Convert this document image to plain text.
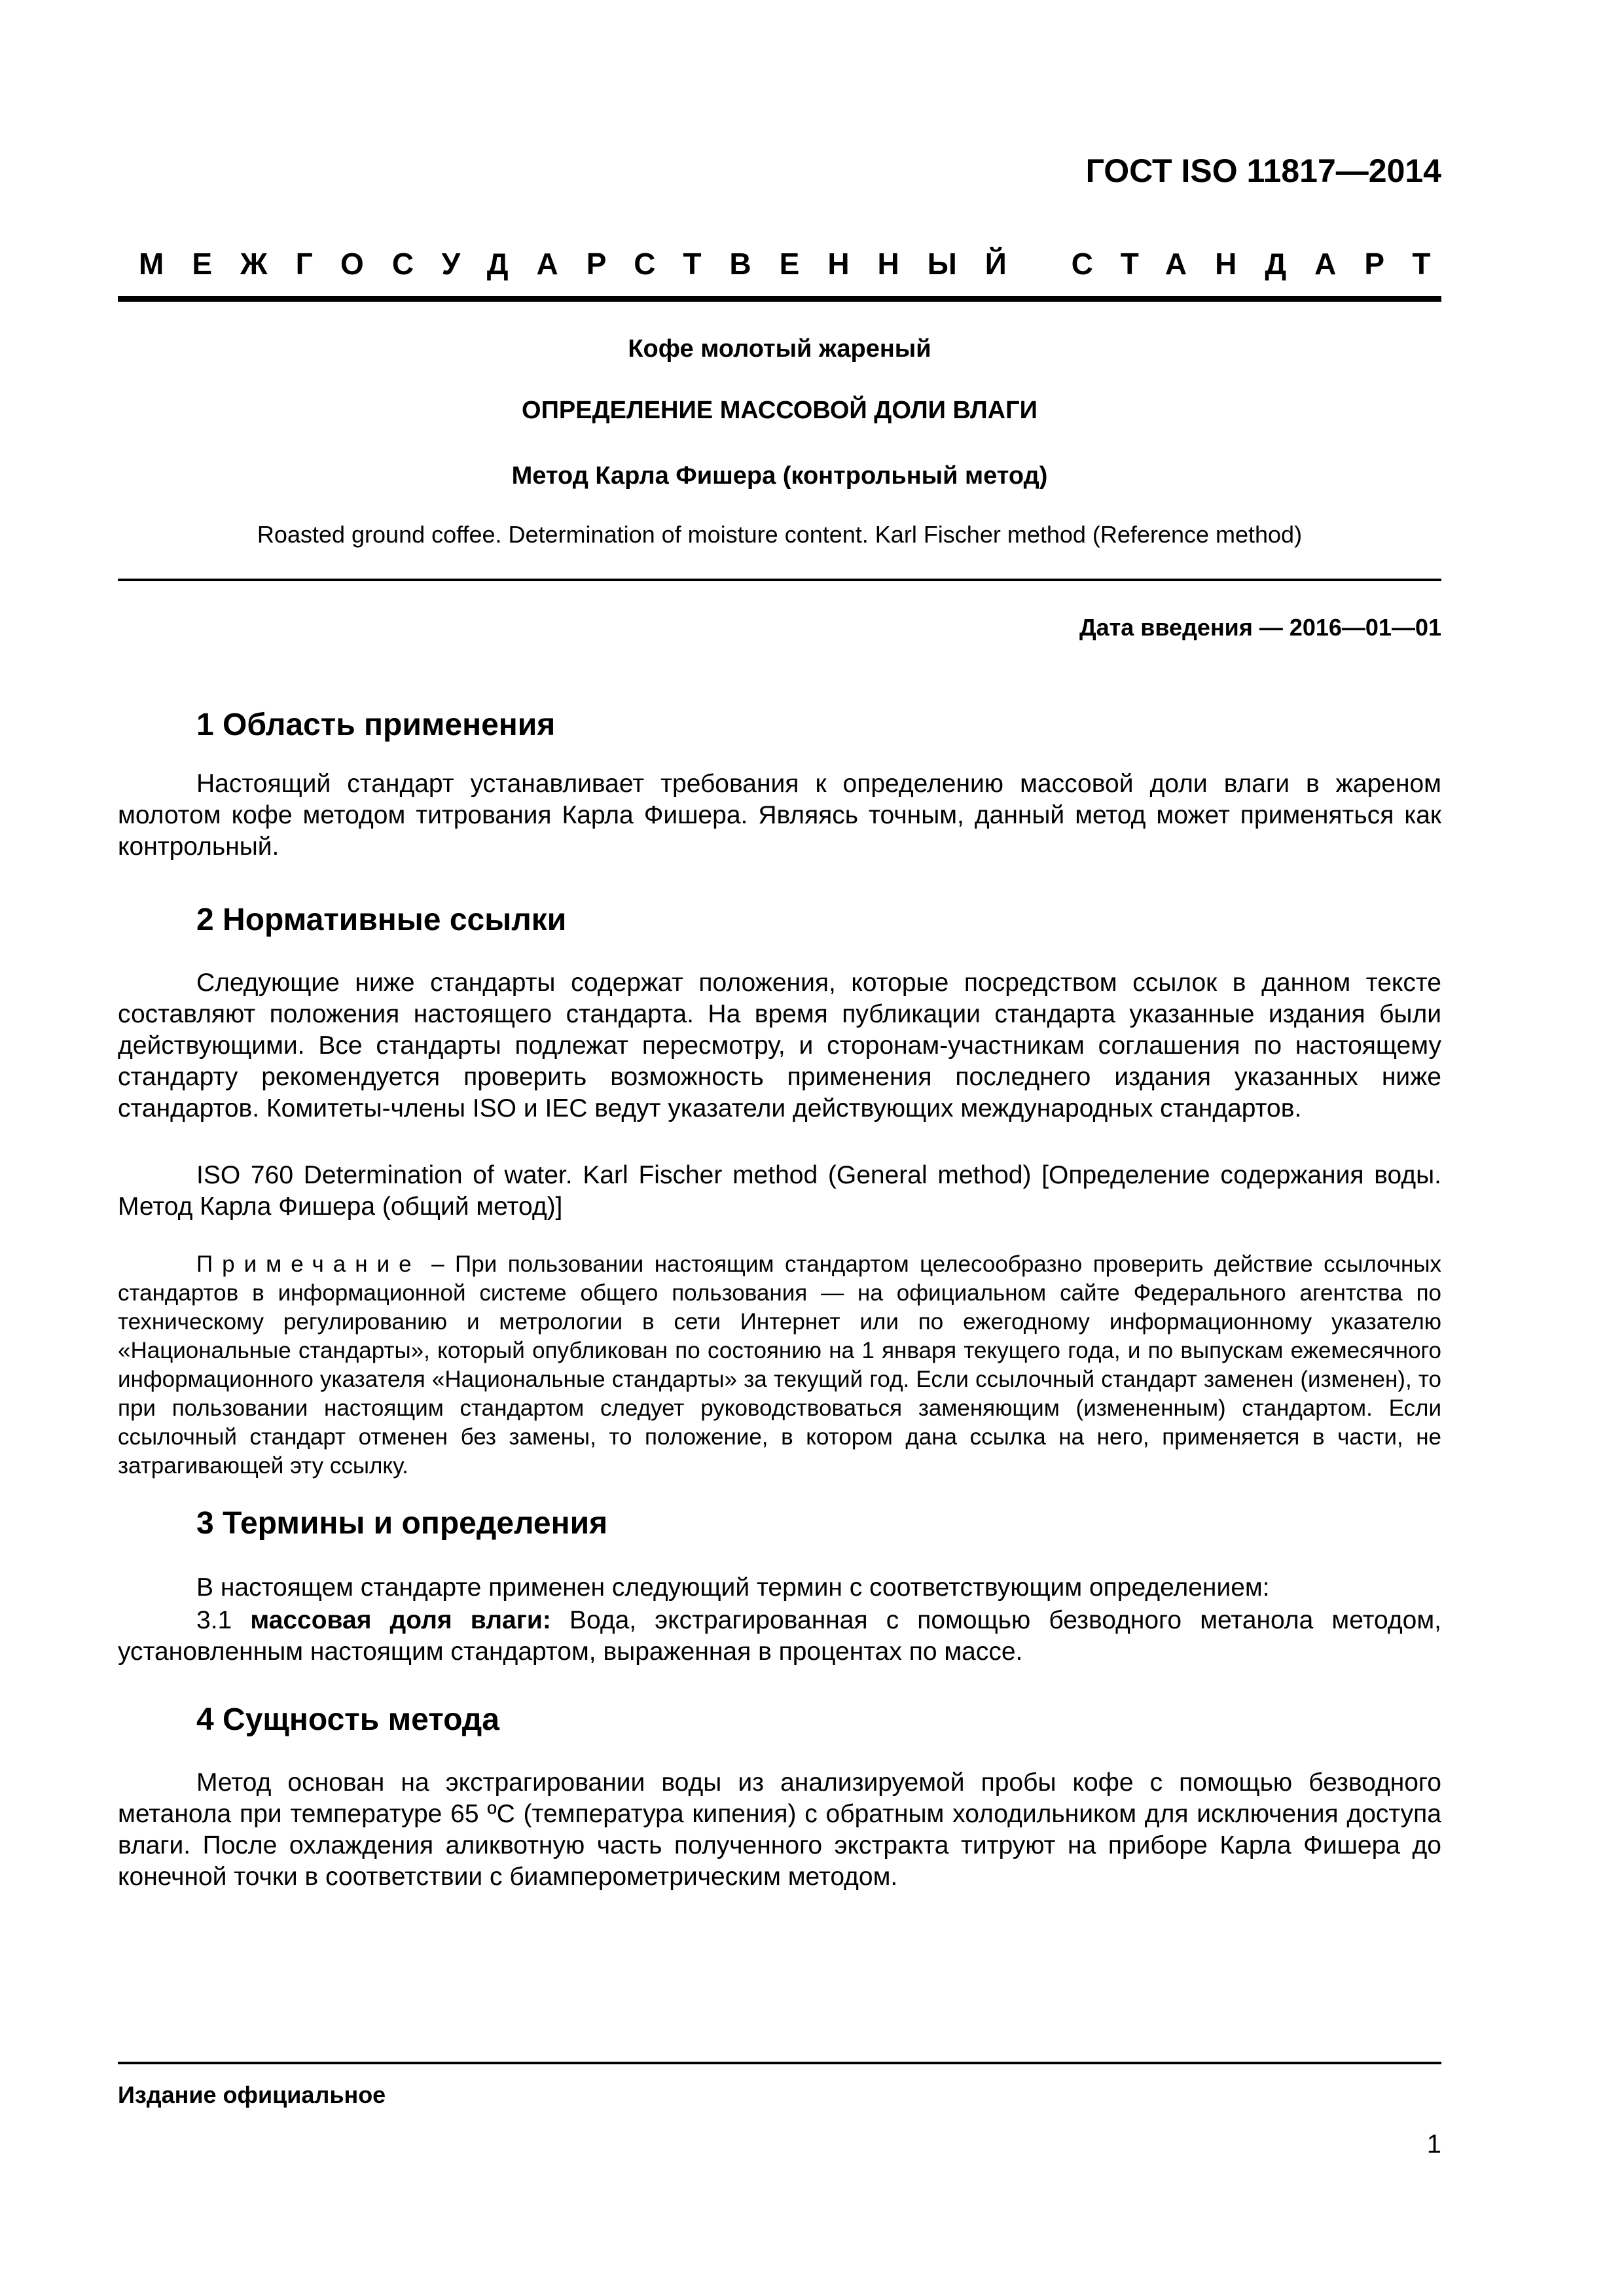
ГОСТ ISO 11817—2014
МЕЖГОСУДАРСТВЕННЫЙ СТАНДАРТ
Кофе молотый жареный
ОПРЕДЕЛЕНИЕ МАССОВОЙ ДОЛИ ВЛАГИ
Метод Карла Фишера (контрольный метод)
Roasted ground coffee. Determination of moisture content. Karl Fischer method (Reference method)
Дата введения — 2016—01—01
1 Область применения

Настоящий стандарт устанавливает требования к определению массовой доли влаги в жареном молотом кофе методом титрования Карла Фишера. Являясь точным, данный метод может применяться как контрольный.

2 Нормативные ссылки

Следующие ниже стандарты содержат положения, которые посредством ссылок в данном тексте составляют положения настоящего стандарта. На время публикации стандарта указанные издания были действующими. Все стандарты подлежат пересмотру, и сторонам-участникам соглашения по настоящему стандарту рекомендуется проверить возможность применения последнего издания указанных ниже стандартов. Комитеты-члены ISO и IEC ведут указатели действующих международных стандартов.

ISO 760 Determination of water. Karl Fischer method (General method) [Определение содержания воды. Метод Карла Фишера (общий метод)]

Примечание – При пользовании настоящим стандартом целесообразно проверить действие ссылочных стандартов в информационной системе общего пользования — на официальном сайте Федерального агентства по техническому регулированию и метрологии в сети Интернет или по ежегодному информационному указателю «Национальные стандарты», который опубликован по состоянию на 1 января текущего года, и по выпускам ежемесячного информационного указателя «Национальные стандарты» за текущий год. Если ссылочный стандарт заменен (изменен), то при пользовании настоящим стандартом следует руководствоваться заменяющим (измененным) стандартом. Если ссылочный стандарт отменен без замены, то положение, в котором дана ссылка на него, применяется в части, не затрагивающей эту ссылку.

3 Термины и определения

В настоящем стандарте применен следующий термин с соответствующим определением:

3.1 массовая доля влаги: Вода, экстрагированная с помощью безводного метанола методом, установленным настоящим стандартом, выраженная в процентах по массе.

4 Сущность метода

Метод основан на экстрагировании воды из анализируемой пробы кофе с помощью безводного метанола при температуре 65 ºC (температура кипения) с обратным холодильником для исключения доступа влаги. После охлаждения аликвотную часть полученного экстракта титруют на приборе Карла Фишера до конечной точки в соответствии с биамперометрическим методом.

Издание официальное
1
